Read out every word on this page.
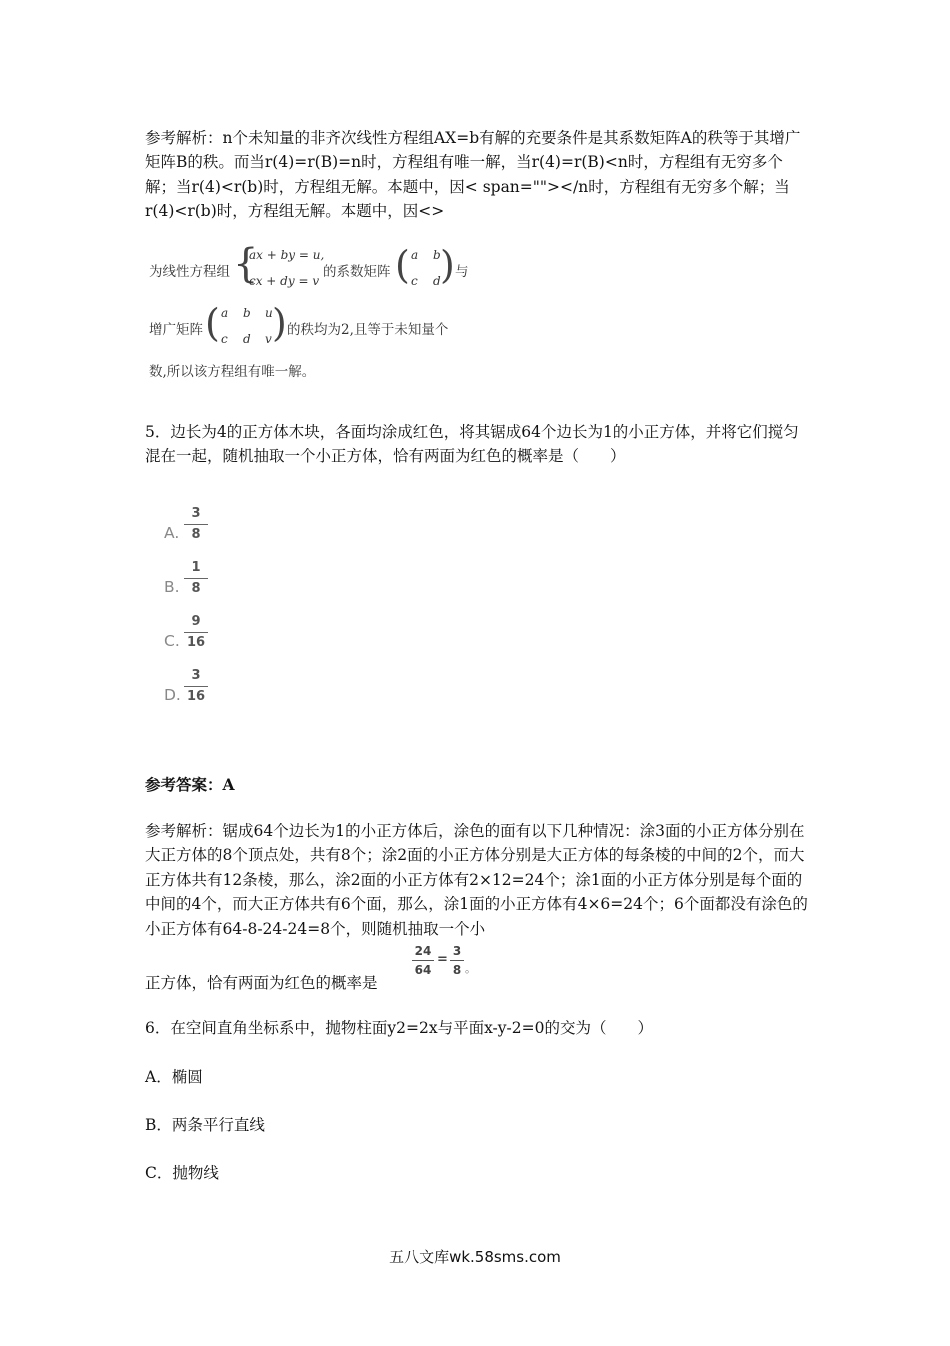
参考解析：n个未知量的非齐次线性方程组AX=b有解的充要条件是其系数矩阵A的秩等于其增广矩阵B的秩。而当r(4)=r(B)=n时，方程组有唯一解，当r(4)=r(B)<n时，方程组有无穷多个解；当r(4)<r(b)时，方程组无解。本题中，因< span=""></n时，方程组有无穷多个解；当r(4)<r(b)时，方程组无解。本题中，因<>
为线性方程组 {
ax + by = u,
cx + dy = v
的系数矩阵 ( a b
c d ) 与
增广矩阵 ( a b u
c d v ) 的秩均为2,且等于未知量个
数,所以该方程组有唯一解。
5．边长为4的正方体木块，各面均涂成红色，将其锯成64个边长为1的小正方体，并将它们搅匀混在一起，随机抽取一个小正方体，恰有两面为红色的概率是（　　）
A.
3
8
B.
1
8
C.
9
16
D.
3
16
参考答案：A
参考解析：锯成64个边长为1的小正方体后，涂色的面有以下几种情况：涂3面的小正方体分别在大正方体的8个顶点处，共有8个；涂2面的小正方体分别是大正方体的每条棱的中间的2个，而大正方体共有12条棱，那么，涂2面的小正方体有2×12=24个；涂1面的小正方体分别是每个面的中间的4个，而大正方体共有6个面，那么，涂1面的小正方体有4×6=24个；6个面都没有涂色的小正方体有64-8-24-24=8个，则随机抽取一个小
正方体，恰有两面为红色的概率是
24
64
=
3
8 。
6．在空间直角坐标系中，抛物柱面y2=2x与平面x-y-2=0的交为（　　）
A．椭圆
B．两条平行直线
C．抛物线
五八文库wk.58sms.com
